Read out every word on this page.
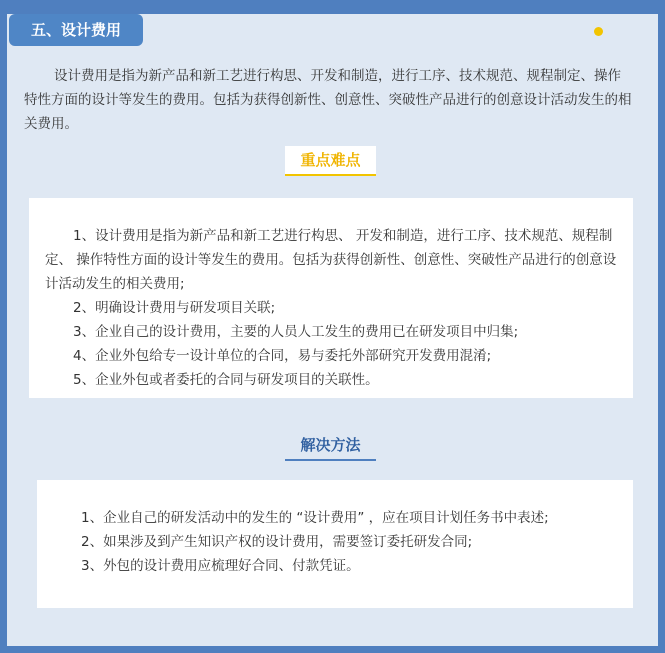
五、设计费用

设计费用是指为新产品和新工艺进行构思、开发和制造，进行工序、技术规范、规程制定、操作特性方面的设计等发生的费用。包括为获得创新性、创意性、突破性产品进行的创意设计活动发生的相关费用。

重点难点
1、设计费用是指为新产品和新工艺进行构思、 开发和制造，进行工序、技术规范、规程制定、 操作特性方面的设计等发生的费用。包括为获得创新性、创意性、突破性产品进行的创意设计活动发生的相关费用;
2、明确设计费用与研发项目关联;
3、企业自己的设计费用，主要的人员人工发生的费用已在研发项目中归集;
4、企业外包给专一设计单位的合同，易与委托外部研究开发费用混淆;
5、企业外包或者委托的合同与研发项目的关联性。
解决方法
1、企业自己的研发活动中的发生的 “设计费用” ，应在项目计划任务书中表述;
2、如果涉及到产生知识产权的设计费用，需要签订委托研发合同;
3、外包的设计费用应梳理好合同、付款凭证。
